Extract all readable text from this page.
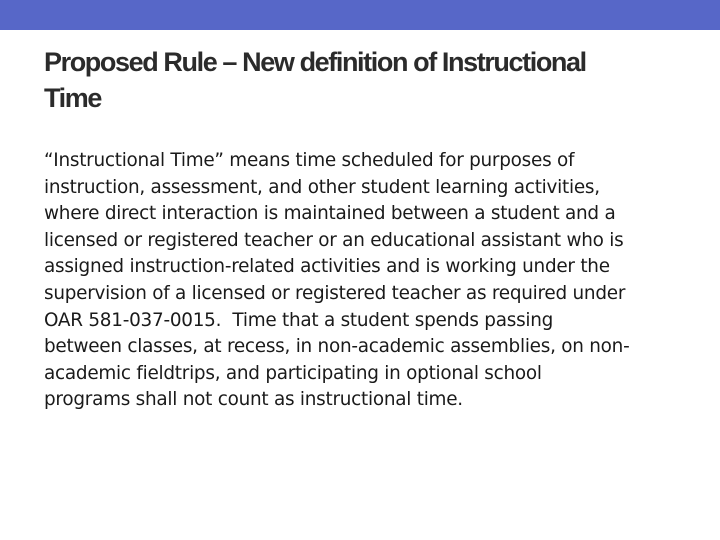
Proposed Rule – New definition of Instructional
Time

“Instructional Time” means time scheduled for purposes of
instruction, assessment, and other student learning activities,
where direct interaction is maintained between a student and a
licensed or registered teacher or an educational assistant who is
assigned instruction-related activities and is working under the
supervision of a licensed or registered teacher as required under
OAR 581-037-0015.  Time that a student spends passing
between classes, at recess, in non-academic assemblies, on non-
academic fieldtrips, and participating in optional school
programs shall not count as instructional time.
